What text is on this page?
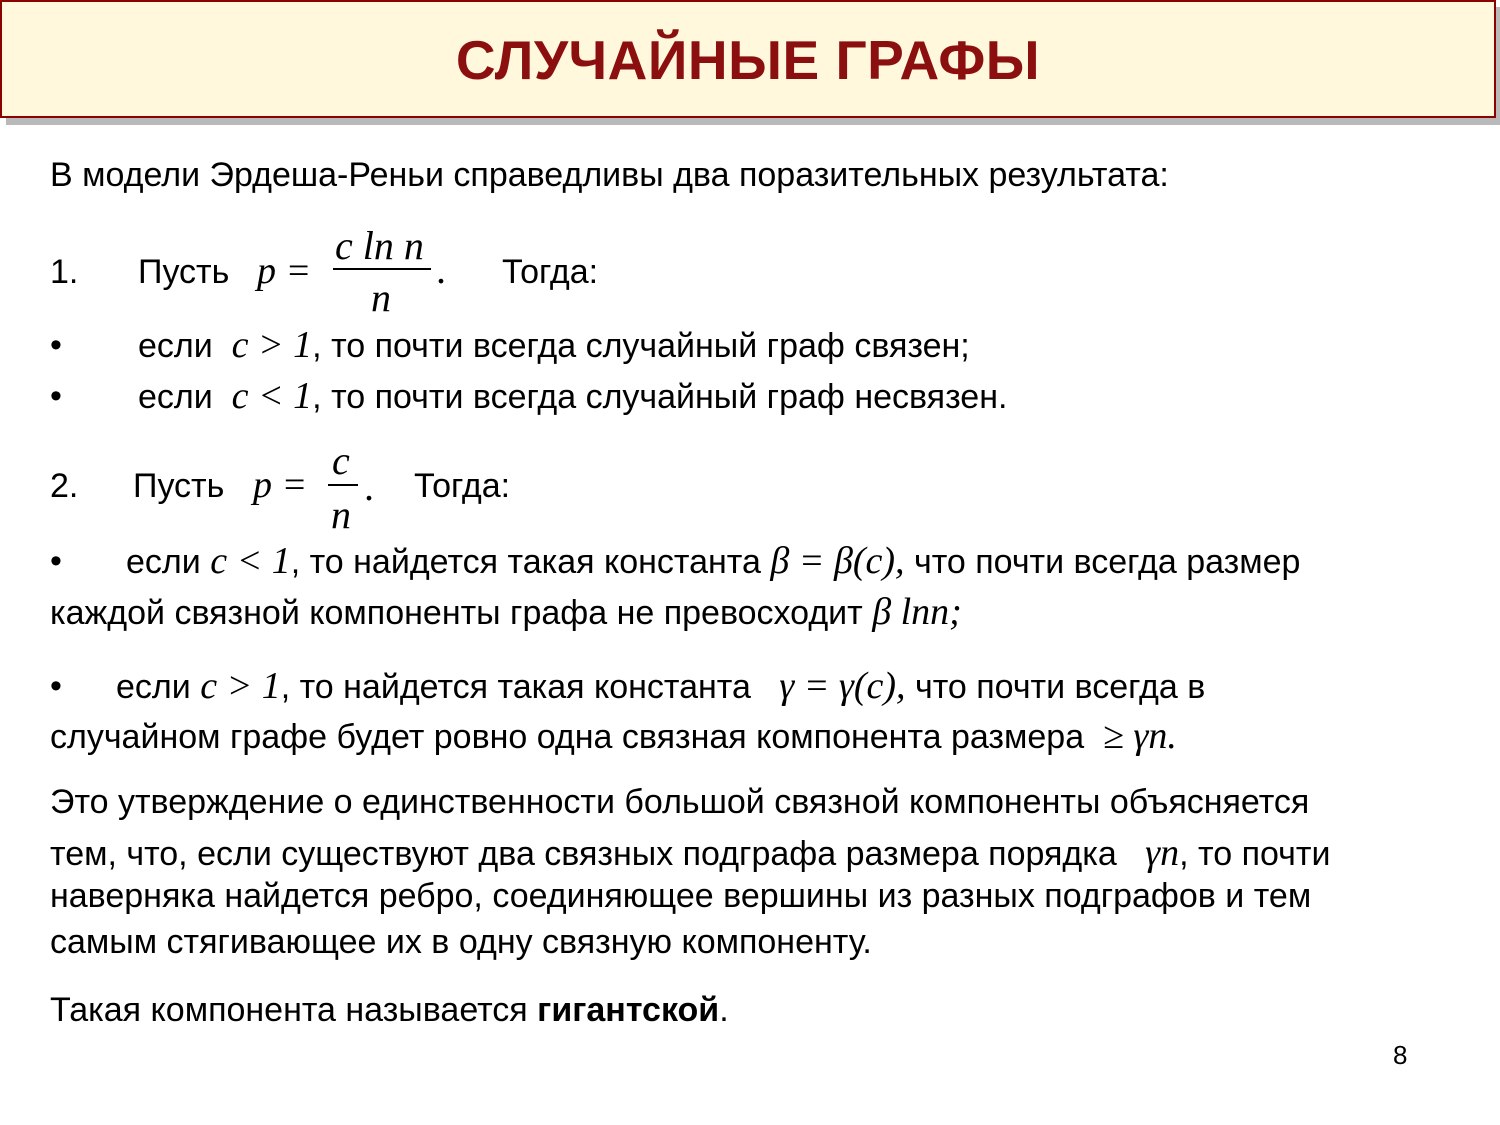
СЛУЧАЙНЫЕ ГРАФЫ
В модели Эрдеша-Реньи справедливы два поразительных результата:
1. Пусть p =
c ln n
n
. Тогда:
• если c > 1, то почти всегда случайный граф связен;
• если c < 1, то почти всегда случайный граф несвязен.
2. Пусть p =
c
n
. Тогда:
• если c < 1, то найдется такая константа β = β(c), что почти всегда размер
каждой связной компоненты графа не превосходит β lnn;
• если c > 1, то найдется такая константа γ = γ(c), что почти всегда в
случайном графе будет ровно одна связная компонента размера ≥ γn.
Это утверждение о единственности большой связной компоненты объясняется
тем, что, если существуют два связных подграфа размера порядка γn, то почти
наверняка найдется ребро, соединяющее вершины из разных подграфов и тем
самым стягивающее их в одну связную компоненту.
Такая компонента называется гигантской.
8
